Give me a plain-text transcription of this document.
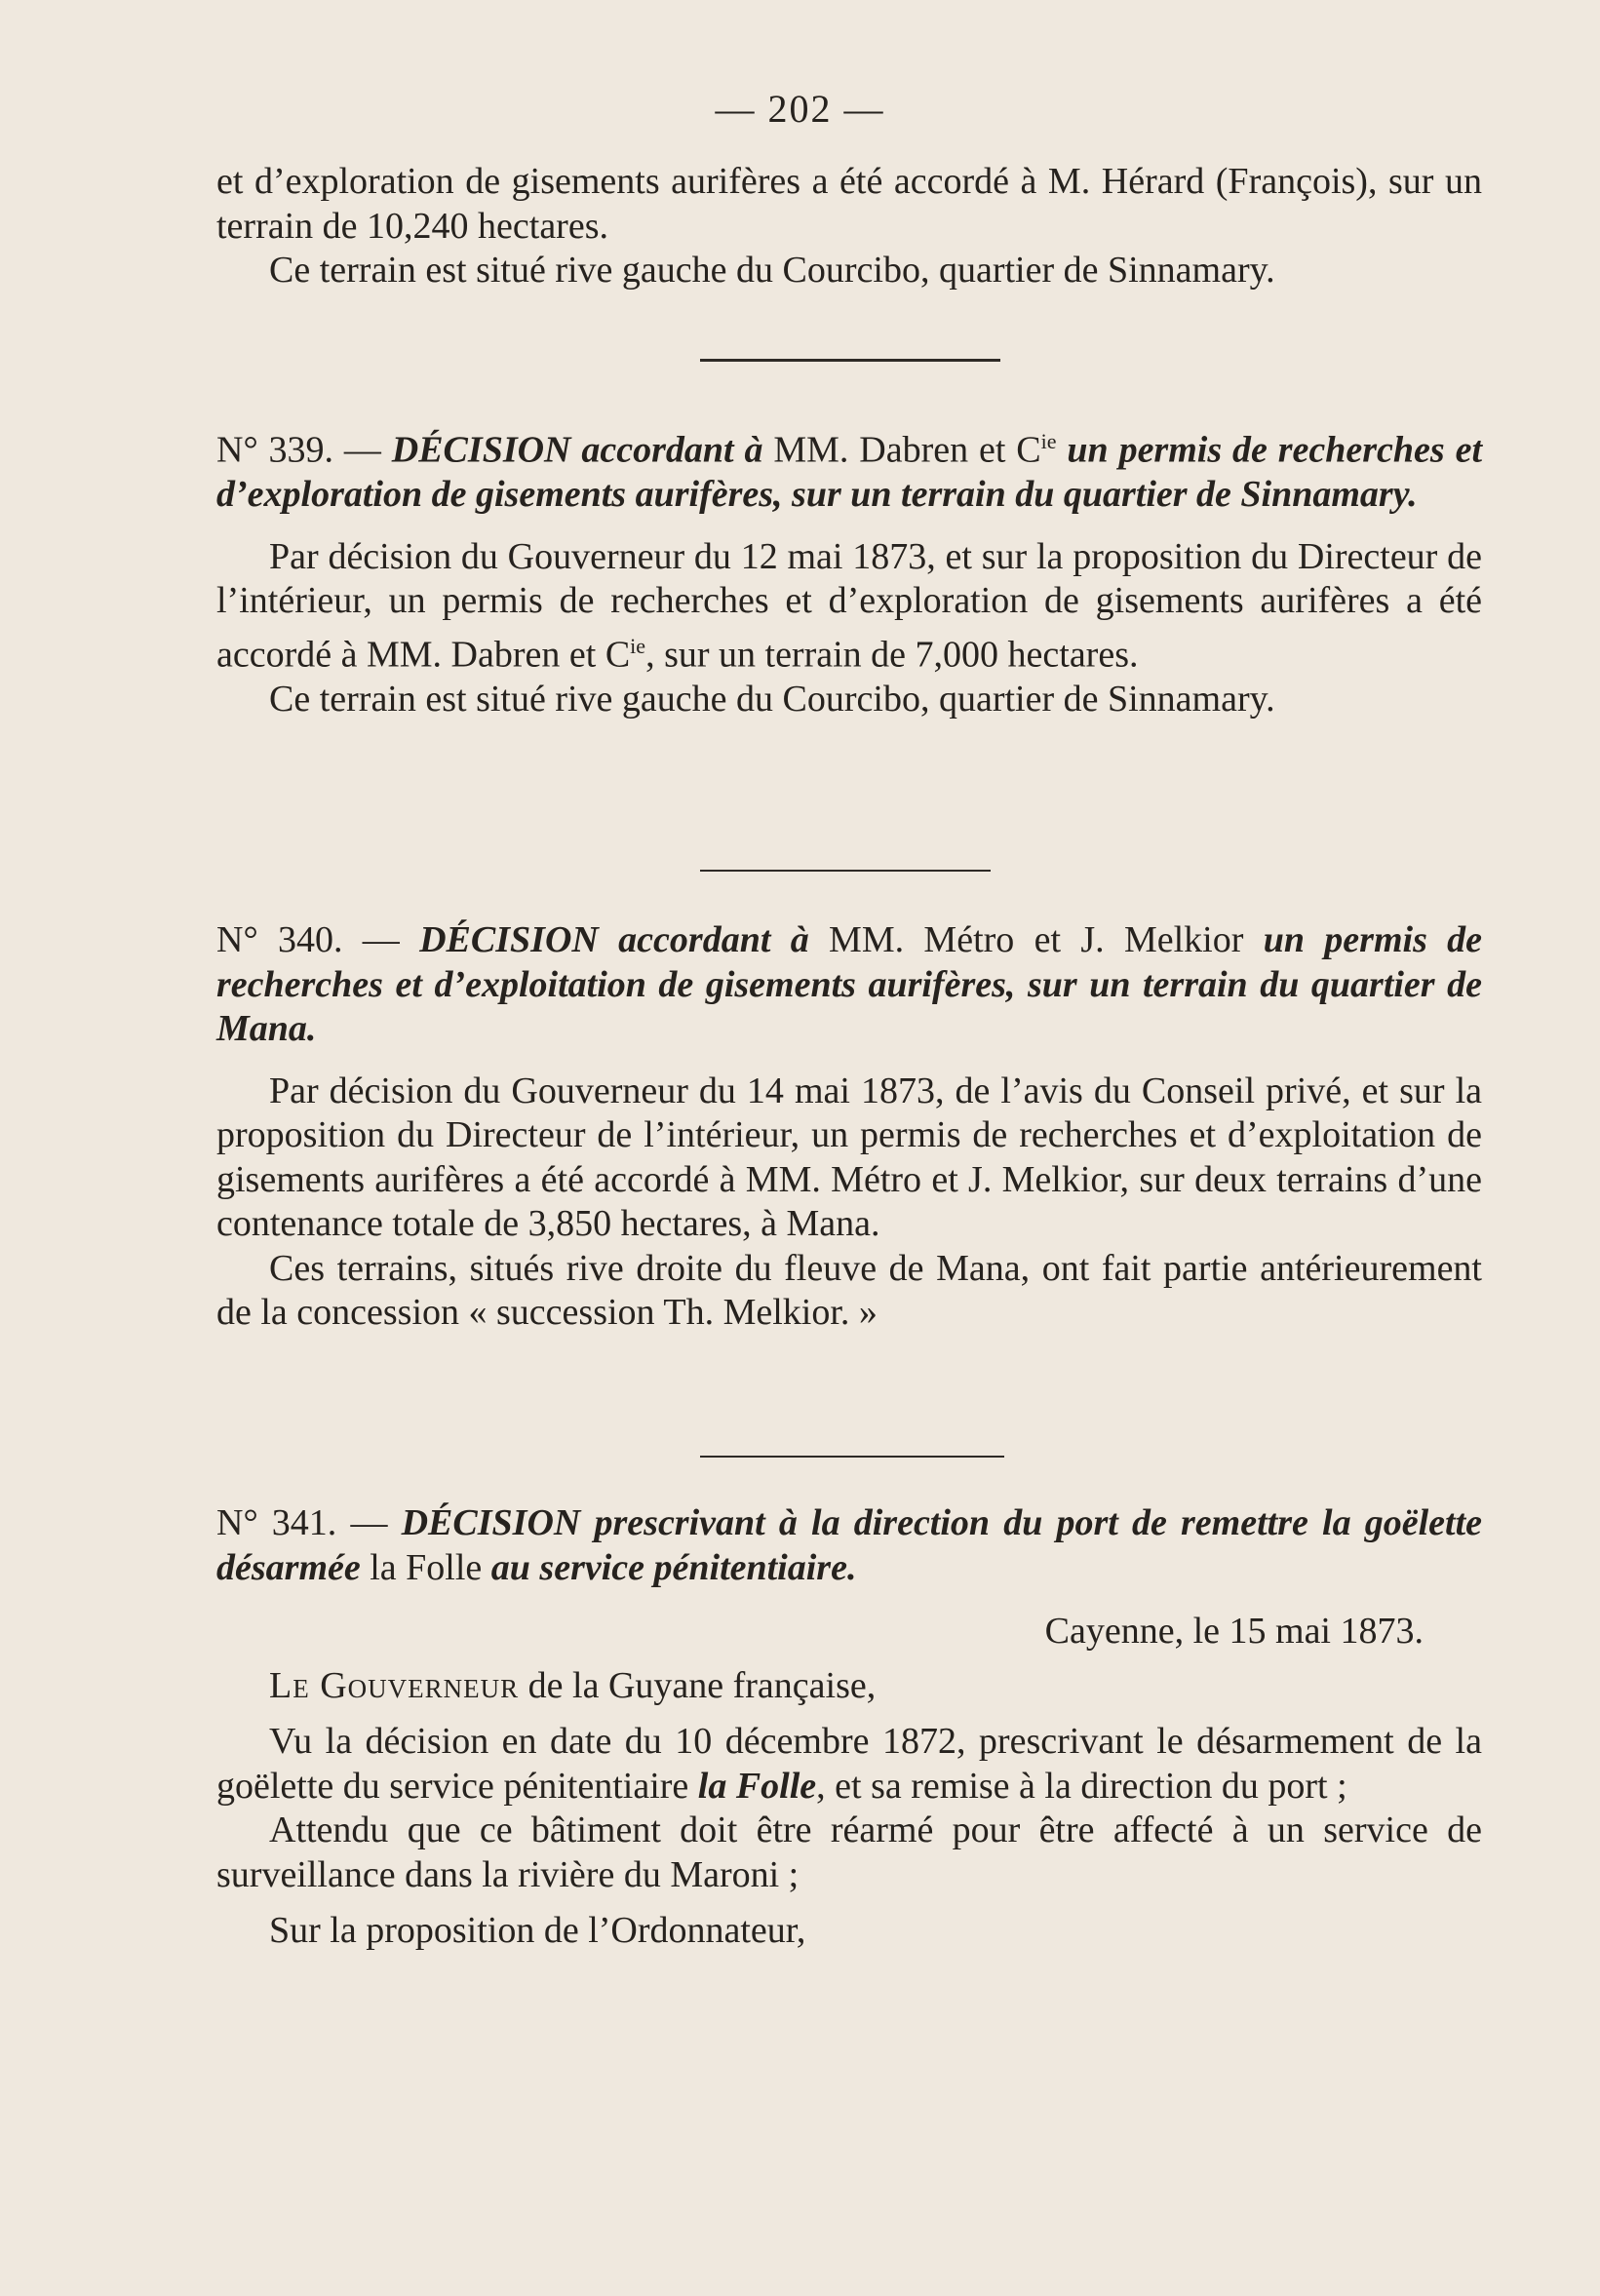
— 202 —

et d’exploration de gisements aurifères a été accordé à M. Hérard (François), sur un terrain de 10,240 hectares.

Ce terrain est situé rive gauche du Courcibo, quartier de Sinnamary.

N° 339. — DÉCISION accordant à MM. Dabren et $C^{ie}$ un permis de recherches et d’exploration de gisements aurifères, sur un terrain du quartier de Sinnamary.

Par décision du Gouverneur du 12 mai 1873, et sur la proposition du Directeur de l’intérieur, un permis de recherches et d’exploration de gisements aurifères a été accordé à MM. Dabren et $C^{ie}$, sur un terrain de 7,000 hectares.

Ce terrain est situé rive gauche du Courcibo, quartier de Sinnamary.

N° 340. — DÉCISION accordant à MM. Métro et J. Melkior un permis de recherches et d’exploitation de gisements aurifères, sur un terrain du quartier de Mana.

Par décision du Gouverneur du 14 mai 1873, de l’avis du Conseil privé, et sur la proposition du Directeur de l’intérieur, un permis de recherches et d’exploitation de gisements aurifères a été accordé à MM. Métro et J. Melkior, sur deux terrains d’une contenance totale de 3,850 hectares, à Mana.

Ces terrains, situés rive droite du fleuve de Mana, ont fait partie antérieurement de la concession « succession Th. Melkior. »

N° 341. — DÉCISION prescrivant à la direction du port de remettre la goëlette désarmée la Folle au service pénitentiaire.

Cayenne, le 15 mai 1873.

Le Gouverneur de la Guyane française,

Vu la décision en date du 10 décembre 1872, prescrivant le désarmement de la goëlette du service pénitentiaire la Folle, et sa remise à la direction du port ;

Attendu que ce bâtiment doit être réarmé pour être affecté à un service de surveillance dans la rivière du Maroni ;

Sur la proposition de l’Ordonnateur,
